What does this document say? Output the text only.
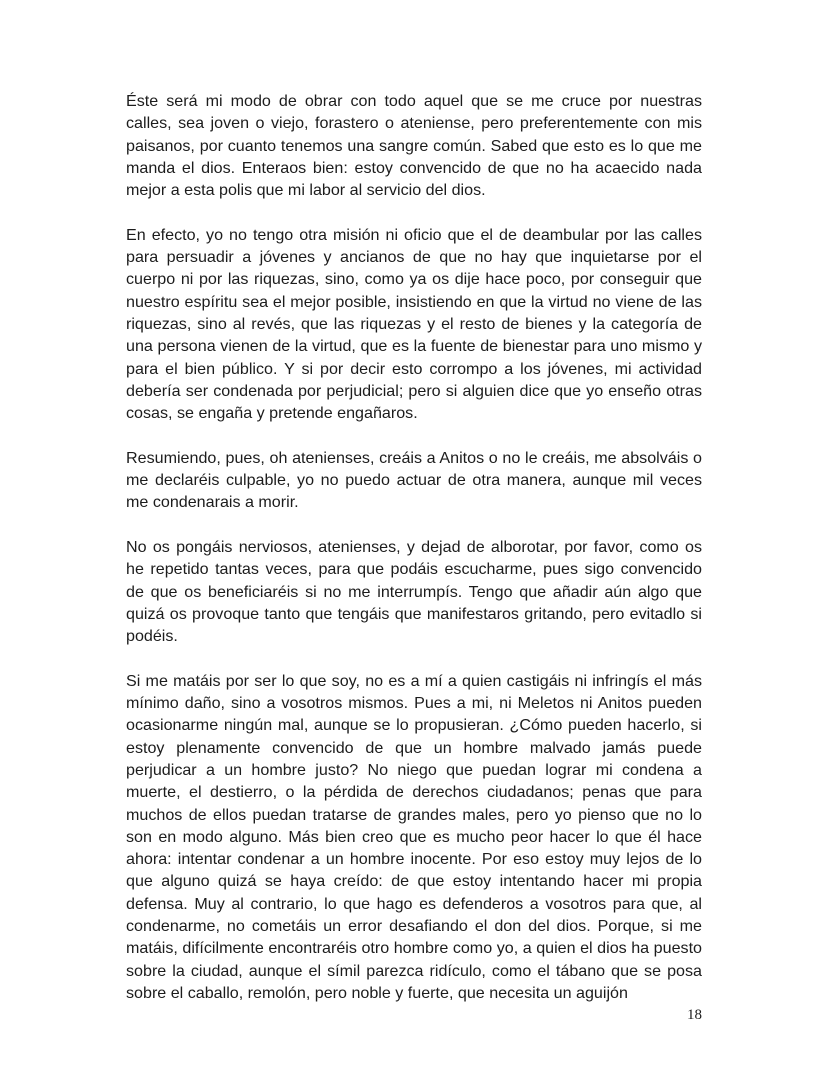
Éste será mi modo de obrar con todo aquel que se me cruce por nuestras calles, sea joven o viejo, forastero o ateniense, pero preferentemente con mis paisanos, por cuanto tenemos una sangre común. Sabed que esto es lo que me manda el dios. Enteraos bien: estoy convencido de que no ha acaecido nada mejor a esta polis que mi labor al servicio del dios.

En efecto, yo no tengo otra misión ni oficio que el de deambular por las calles para persuadir a jóvenes y ancianos de que no hay que inquietarse por el cuerpo ni por las riquezas, sino, como ya os dije hace poco, por conseguir que nuestro espíritu sea el mejor posible, insistiendo en que la virtud no viene de las riquezas, sino al revés, que las riquezas y el resto de bienes y la categoría de una persona vienen de la virtud, que es la fuente de bienestar para uno mismo y para el bien público. Y si por decir esto corrompo a los jóvenes, mi actividad debería ser condenada por perjudicial; pero si alguien dice que yo enseño otras cosas, se engaña y pretende engañaros.

Resumiendo, pues, oh atenienses, creáis a Anitos o no le creáis, me absolváis o me declaréis culpable, yo no puedo actuar de otra manera, aunque mil veces me condenarais a morir.

No os pongáis nerviosos, atenienses, y dejad de alborotar, por favor, como os he repetido tantas veces, para que podáis escucharme, pues sigo convencido de que os beneficiaréis si no me interrumpís. Tengo que añadir aún algo que quizá os provoque tanto que tengáis que manifestaros gritando, pero evitadlo si podéis.

Si me matáis por ser lo que soy, no es a mí a quien castigáis ni infringís el más mínimo daño, sino a vosotros mismos. Pues a mi, ni Meletos ni Anitos pueden ocasionarme ningún mal, aunque se lo propusieran. ¿Cómo pueden hacerlo, si estoy plenamente convencido de que un hombre malvado jamás puede perjudicar a un hombre justo? No niego que puedan lograr mi condena a muerte, el destierro, o la pérdida de derechos ciudadanos; penas que para muchos de ellos puedan tratarse de grandes males, pero yo pienso que no lo son en modo alguno. Más bien creo que es mucho peor hacer lo que él hace ahora: intentar condenar a un hombre inocente. Por eso estoy muy lejos de lo que alguno quizá se haya creído: de que estoy intentando hacer mi propia defensa. Muy al contrario, lo que hago es defenderos a vosotros para que, al condenarme, no cometáis un error desafiando el don del dios. Porque, si me matáis, difícilmente encontraréis otro hombre como yo, a quien el dios ha puesto sobre la ciudad, aunque el símil parezca ridículo, como el tábano que se posa sobre el caballo, remolón, pero noble y fuerte, que necesita un aguijón

18
